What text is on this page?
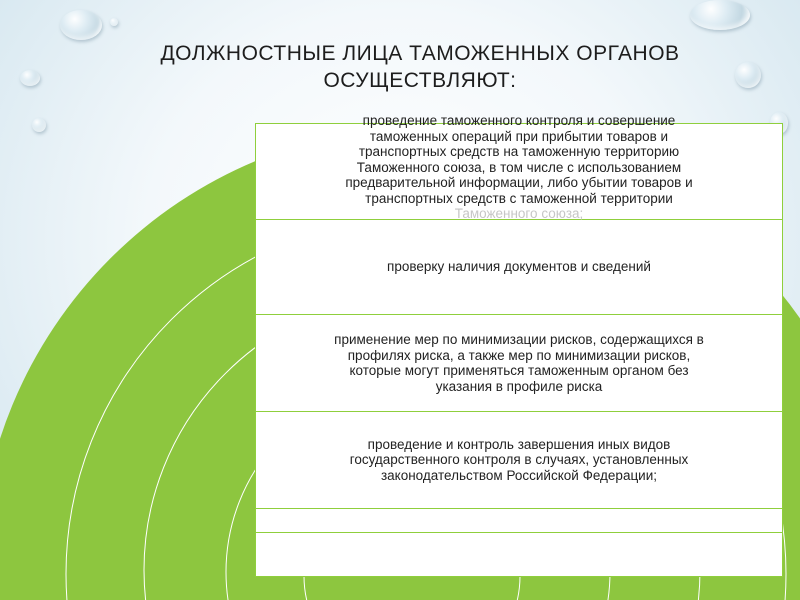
ДОЛЖНОСТНЫЕ ЛИЦА ТАМОЖЕННЫХ ОРГАНОВ
ОСУЩЕСТВЛЯЮТ:
проведение таможенного контроля и совершение
таможенных операций при прибытии товаров и
транспортных средств на таможенную территорию
Таможенного союза, в том числе с использованием
предварительной информации, либо убытии товаров и
транспортных средств с таможенной территории
Таможенного союза;
проверку наличия документов и сведений
применение мер по минимизации рисков, содержащихся в
профилях риска, а также мер по минимизации рисков,
которые могут применяться таможенным органом без
указания в профиле риска
проведение и контроль завершения иных видов
государственного контроля в случаях, установленных
законодательством Российской Федерации;
